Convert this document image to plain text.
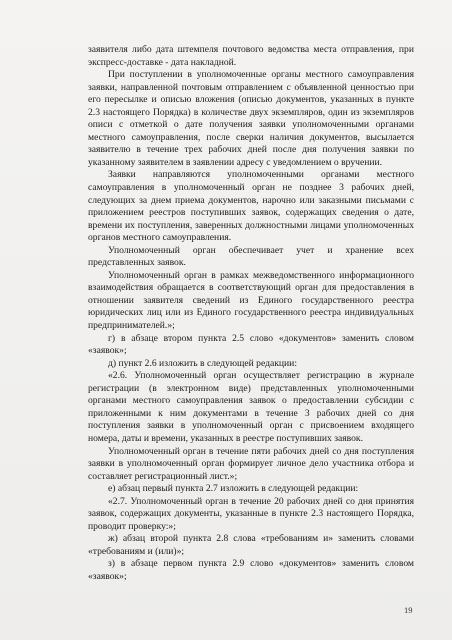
заявителя либо дата штемпеля почтового ведомства места отправления, при экспресс-доставке - дата накладной.

При поступлении в уполномоченные органы местного самоуправления заявки, направленной почтовым отправлением с объявленной ценностью при его пересылке и описью вложения (описью документов, указанных в пункте 2.3 настоящего Порядка) в количестве двух экземпляров, один из экземпляров описи с отметкой о дате получения заявки уполномоченными органами местного самоуправления, после сверки наличия документов, высылается заявителю в течение трех рабочих дней после дня получения заявки по указанному заявителем в заявлении адресу с уведомлением о вручении.

Заявки направляются уполномоченными органами местного самоуправления в уполномоченный орган не позднее 3 рабочих дней, следующих за днем приема документов, нарочно или заказными письмами с приложением реестров поступивших заявок, содержащих сведения о дате, времени их поступления, заверенных должностными лицами уполномоченных органов местного самоуправления.

Уполномоченный орган обеспечивает учет и хранение всех представленных заявок.

Уполномоченный орган в рамках межведомственного информационного взаимодействия обращается в соответствующий орган для предоставления в отношении заявителя сведений из Единого государственного реестра юридических лиц или из Единого государственного реестра индивидуальных предпринимателей.»;

г) в абзаце втором пункта 2.5 слово «документов» заменить словом «заявок»;

д) пункт 2.6 изложить в следующей редакции:

«2.6. Уполномоченный орган осуществляет регистрацию в журнале регистрации (в электронном виде) представленных уполномоченными органами местного самоуправления заявок о предоставлении субсидии с приложенными к ним документами в течение 3 рабочих дней со дня поступления заявки в уполномоченный орган с присвоением входящего номера, даты и времени, указанных в реестре поступивших заявок.

Уполномоченный орган в течение пяти рабочих дней со дня поступления заявки в уполномоченный орган формирует личное дело участника отбора и составляет регистрационный лист.»;

е) абзац первый пункта 2.7 изложить в следующей редакции:

«2.7. Уполномоченный орган в течение 20 рабочих дней со дня принятия заявок, содержащих документы, указанные в пункте 2.3 настоящего Порядка, проводит проверку:»;

ж) абзац второй пункта 2.8 слова «требованиям и» заменить словами «требованиям и (или)»;

з) в абзаце первом пункта 2.9 слово «документов» заменить словом «заявок»;

19
